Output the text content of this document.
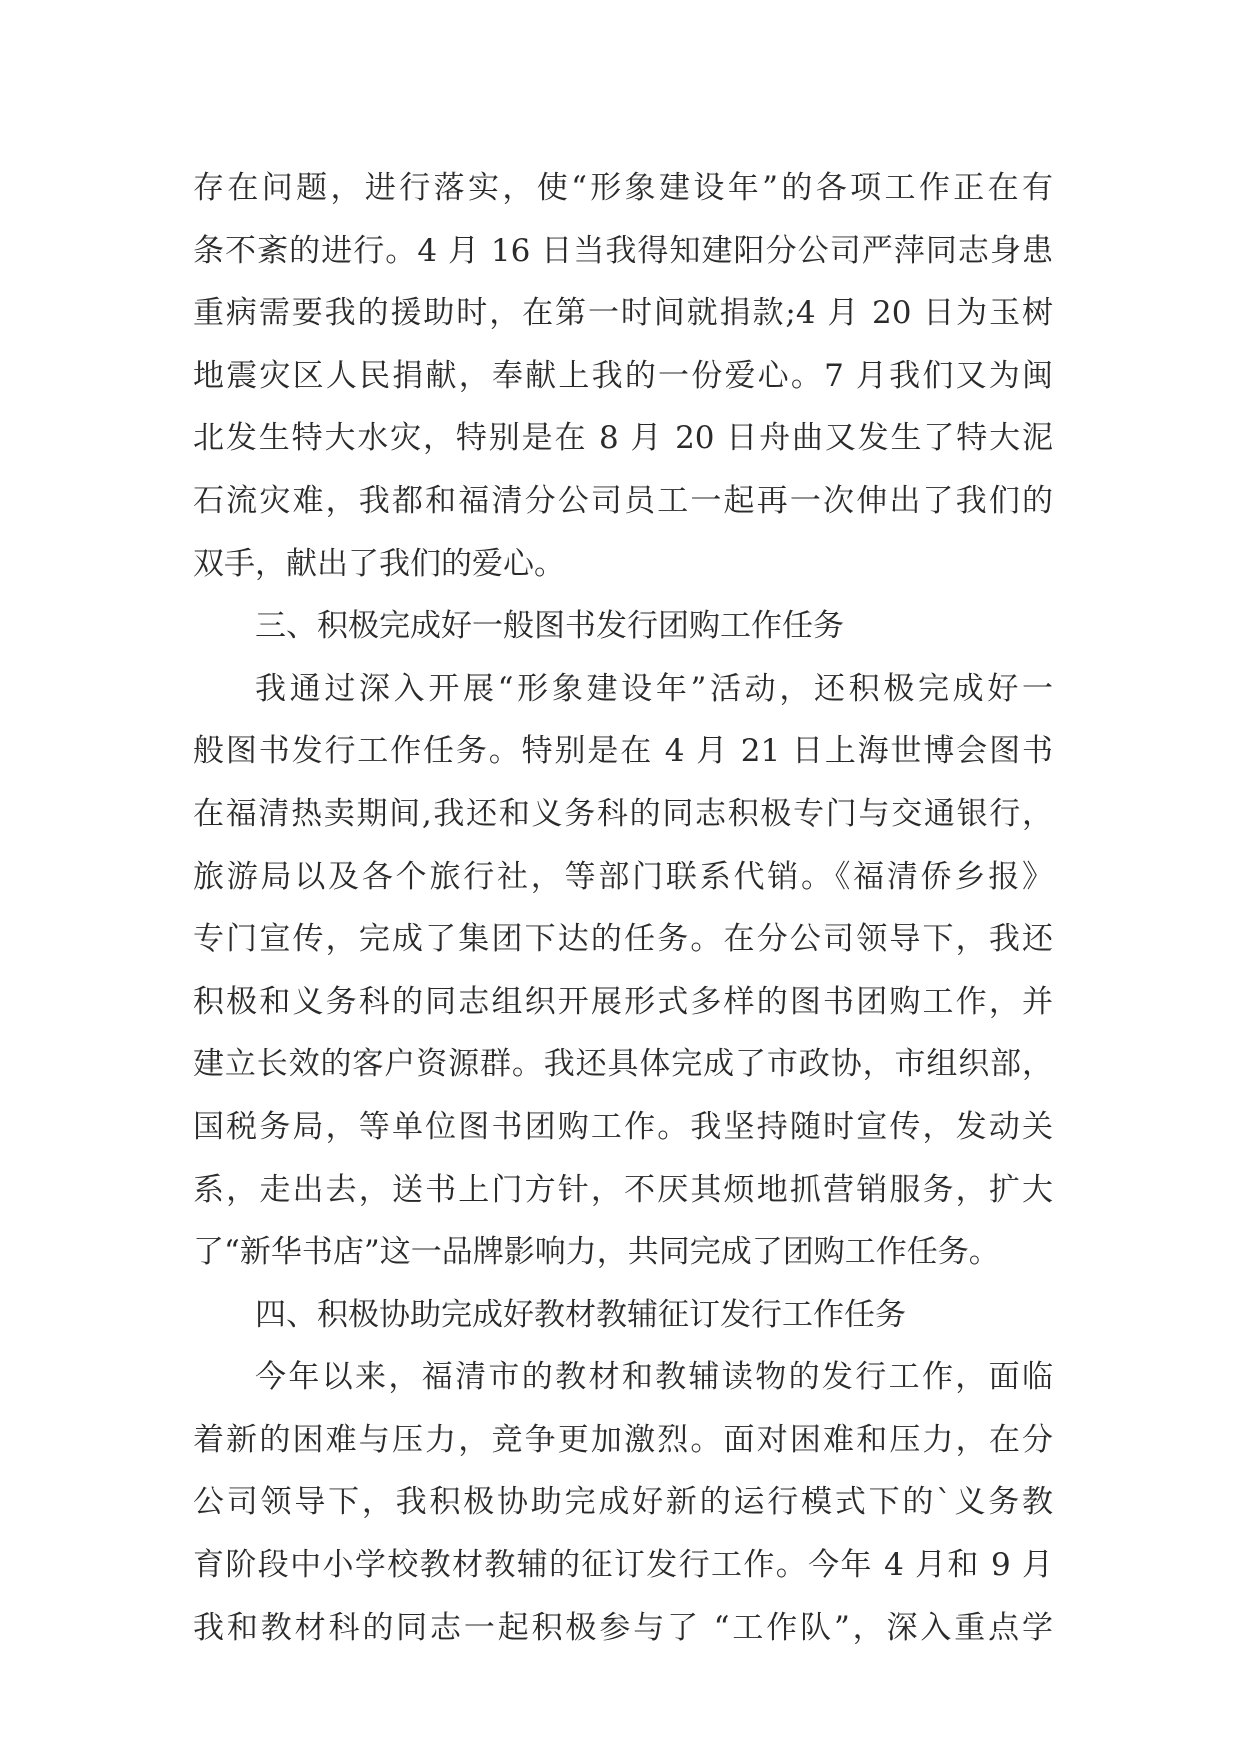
存在问题，进行落实，使“形象建设年”的各项工作正在有
条不紊的进行。4 月 16 日当我得知建阳分公司严萍同志身患
重病需要我的援助时，在第一时间就捐款;4 月 20 日为玉树
地震灾区人民捐献，奉献上我的一份爱心。7 月我们又为闽
北发生特大水灾，特别是在 8 月 20 日舟曲又发生了特大泥
石流灾难，我都和福清分公司员工一起再一次伸出了我们的
双手，献出了我们的爱心。
三、积极完成好一般图书发行团购工作任务
我通过深入开展“形象建设年”活动，还积极完成好一
般图书发行工作任务。特别是在 4 月 21 日上海世博会图书
在福清热卖期间,我还和义务科的同志积极专门与交通银行，
旅游局以及各个旅行社，等部门联系代销。《福清侨乡报》
专门宣传，完成了集团下达的任务。在分公司领导下，我还
积极和义务科的同志组织开展形式多样的图书团购工作，并
建立长效的客户资源群。我还具体完成了市政协，市组织部，
国税务局，等单位图书团购工作。我坚持随时宣传，发动关
系，走出去，送书上门方针，不厌其烦地抓营销服务，扩大
了“新华书店”这一品牌影响力，共同完成了团购工作任务。
四、积极协助完成好教材教辅征订发行工作任务
今年以来，福清市的教材和教辅读物的发行工作，面临
着新的困难与压力，竞争更加激烈。面对困难和压力，在分
公司领导下，我积极协助完成好新的运行模式下的`义务教
育阶段中小学校教材教辅的征订发行工作。今年 4 月和 9 月
我和教材科的同志一起积极参与了 “工作队”，深入重点学
